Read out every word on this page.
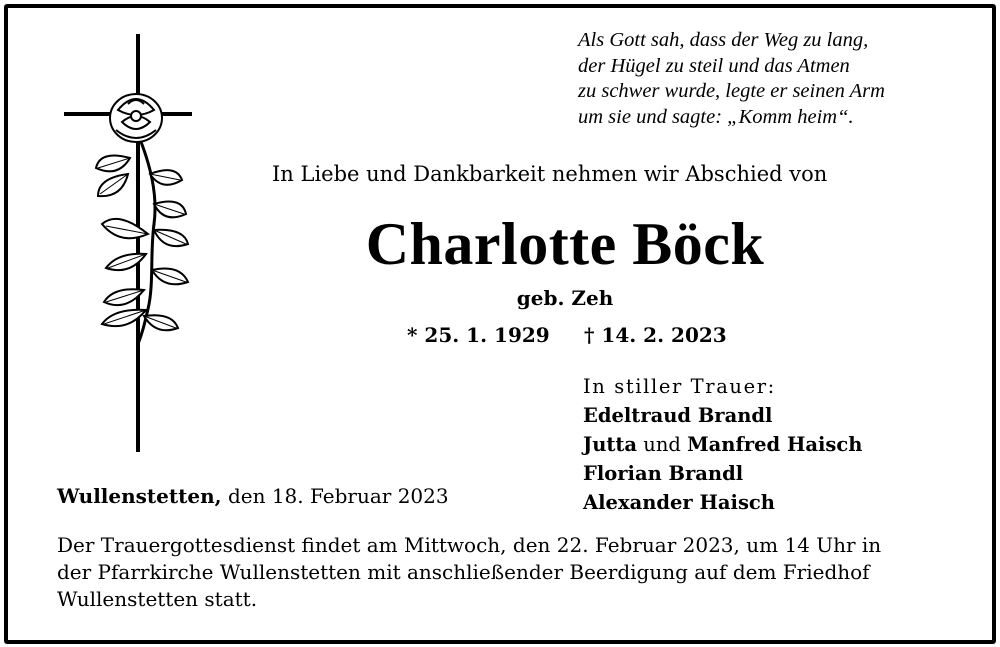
Als Gott sah, dass der Weg zu lang,
der Hügel zu steil und das Atmen
zu schwer wurde, legte er seinen Arm
um sie und sagte: „Komm heim“.
In Liebe und Dankbarkeit nehmen wir Abschied von
Charlotte Böck
geb. Zeh
* 25. 1. 1929 † 14. 2. 2023
In stiller Trauer:
Edeltraud Brandl
Jutta und Manfred Haisch
Florian Brandl
Alexander Haisch
Wullenstetten, den 18. Februar 2023
Der Trauergottesdienst findet am Mittwoch, den 22. Februar 2023, um 14 Uhr in
der Pfarrkirche Wullenstetten mit anschließender Beerdigung auf dem Friedhof
Wullenstetten statt.
